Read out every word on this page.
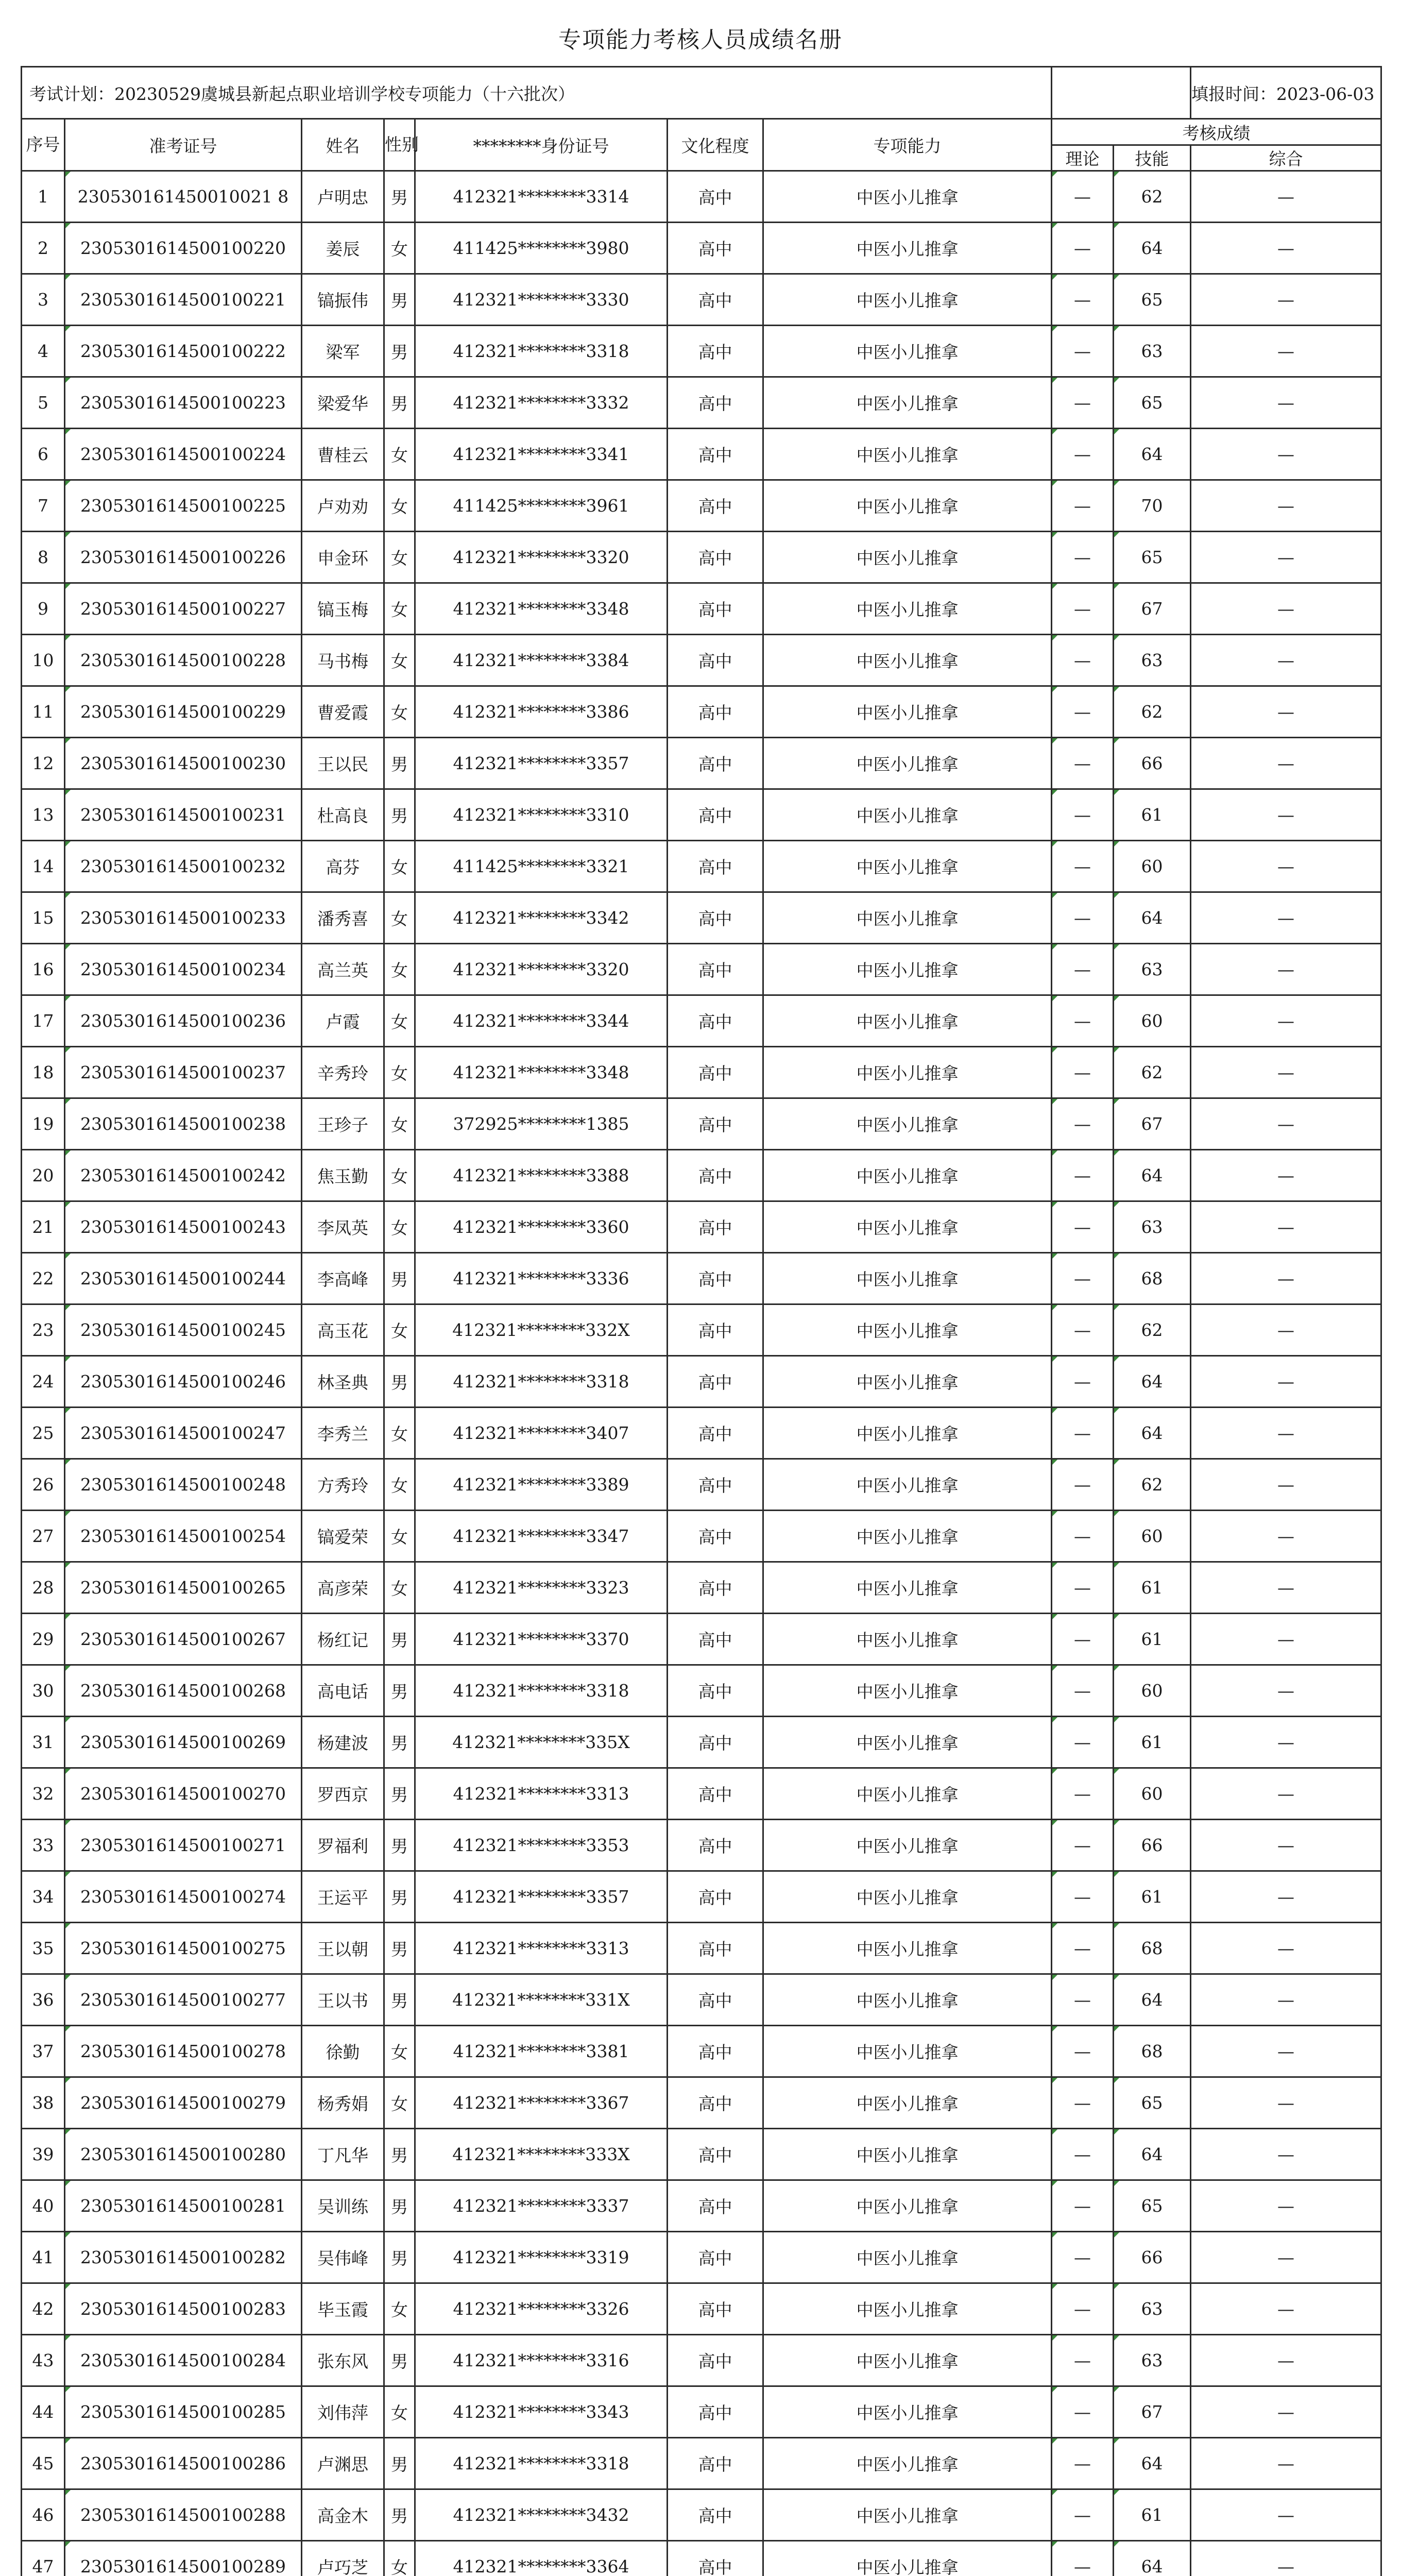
专项能力考核人员成绩名册
考试计划：20230529虞城县新起点职业培训学校专项能力（十六批次）									填报时间：2023-06-03
序号	准考证号	姓名	性别	********身份证号	文化程度	专项能力	考核成绩		
							理论	技能	综合
1	230530161450010021 8	卢明忠	男	412321********3314	高中	中医小儿推拿	—	62	—
2	2305301614500100220	姜辰	女	411425********3980	高中	中医小儿推拿	—	64	—
3	2305301614500100221	镐振伟	男	412321********3330	高中	中医小儿推拿	—	65	—
4	2305301614500100222	梁军	男	412321********3318	高中	中医小儿推拿	—	63	—
5	2305301614500100223	梁爱华	男	412321********3332	高中	中医小儿推拿	—	65	—
6	2305301614500100224	曹桂云	女	412321********3341	高中	中医小儿推拿	—	64	—
7	2305301614500100225	卢劝劝	女	411425********3961	高中	中医小儿推拿	—	70	—
8	2305301614500100226	申金环	女	412321********3320	高中	中医小儿推拿	—	65	—
9	2305301614500100227	镐玉梅	女	412321********3348	高中	中医小儿推拿	—	67	—
10	2305301614500100228	马书梅	女	412321********3384	高中	中医小儿推拿	—	63	—
11	2305301614500100229	曹爱霞	女	412321********3386	高中	中医小儿推拿	—	62	—
12	2305301614500100230	王以民	男	412321********3357	高中	中医小儿推拿	—	66	—
13	2305301614500100231	杜高良	男	412321********3310	高中	中医小儿推拿	—	61	—
14	2305301614500100232	高芬	女	411425********3321	高中	中医小儿推拿	—	60	—
15	2305301614500100233	潘秀喜	女	412321********3342	高中	中医小儿推拿	—	64	—
16	2305301614500100234	高兰英	女	412321********3320	高中	中医小儿推拿	—	63	—
17	2305301614500100236	卢霞	女	412321********3344	高中	中医小儿推拿	—	60	—
18	2305301614500100237	辛秀玲	女	412321********3348	高中	中医小儿推拿	—	62	—
19	2305301614500100238	王珍子	女	372925********1385	高中	中医小儿推拿	—	67	—
20	2305301614500100242	焦玉勤	女	412321********3388	高中	中医小儿推拿	—	64	—
21	2305301614500100243	李凤英	女	412321********3360	高中	中医小儿推拿	—	63	—
22	2305301614500100244	李高峰	男	412321********3336	高中	中医小儿推拿	—	68	—
23	2305301614500100245	高玉花	女	412321********332X	高中	中医小儿推拿	—	62	—
24	2305301614500100246	林圣典	男	412321********3318	高中	中医小儿推拿	—	64	—
25	2305301614500100247	李秀兰	女	412321********3407	高中	中医小儿推拿	—	64	—
26	2305301614500100248	方秀玲	女	412321********3389	高中	中医小儿推拿	—	62	—
27	2305301614500100254	镐爱荣	女	412321********3347	高中	中医小儿推拿	—	60	—
28	2305301614500100265	高彦荣	女	412321********3323	高中	中医小儿推拿	—	61	—
29	2305301614500100267	杨红记	男	412321********3370	高中	中医小儿推拿	—	61	—
30	2305301614500100268	高电话	男	412321********3318	高中	中医小儿推拿	—	60	—
31	2305301614500100269	杨建波	男	412321********335X	高中	中医小儿推拿	—	61	—
32	2305301614500100270	罗西京	男	412321********3313	高中	中医小儿推拿	—	60	—
33	2305301614500100271	罗福利	男	412321********3353	高中	中医小儿推拿	—	66	—
34	2305301614500100274	王运平	男	412321********3357	高中	中医小儿推拿	—	61	—
35	2305301614500100275	王以朝	男	412321********3313	高中	中医小儿推拿	—	68	—
36	2305301614500100277	王以书	男	412321********331X	高中	中医小儿推拿	—	64	—
37	2305301614500100278	徐勤	女	412321********3381	高中	中医小儿推拿	—	68	—
38	2305301614500100279	杨秀娟	女	412321********3367	高中	中医小儿推拿	—	65	—
39	2305301614500100280	丁凡华	男	412321********333X	高中	中医小儿推拿	—	64	—
40	2305301614500100281	吴训练	男	412321********3337	高中	中医小儿推拿	—	65	—
41	2305301614500100282	吴伟峰	男	412321********3319	高中	中医小儿推拿	—	66	—
42	2305301614500100283	毕玉霞	女	412321********3326	高中	中医小儿推拿	—	63	—
43	2305301614500100284	张东风	男	412321********3316	高中	中医小儿推拿	—	63	—
44	2305301614500100285	刘伟萍	女	412321********3343	高中	中医小儿推拿	—	67	—
45	2305301614500100286	卢渊思	男	412321********3318	高中	中医小儿推拿	—	64	—
46	2305301614500100288	高金木	男	412321********3432	高中	中医小儿推拿	—	61	—
47	2305301614500100289	卢巧芝	女	412321********3364	高中	中医小儿推拿	—	64	—
